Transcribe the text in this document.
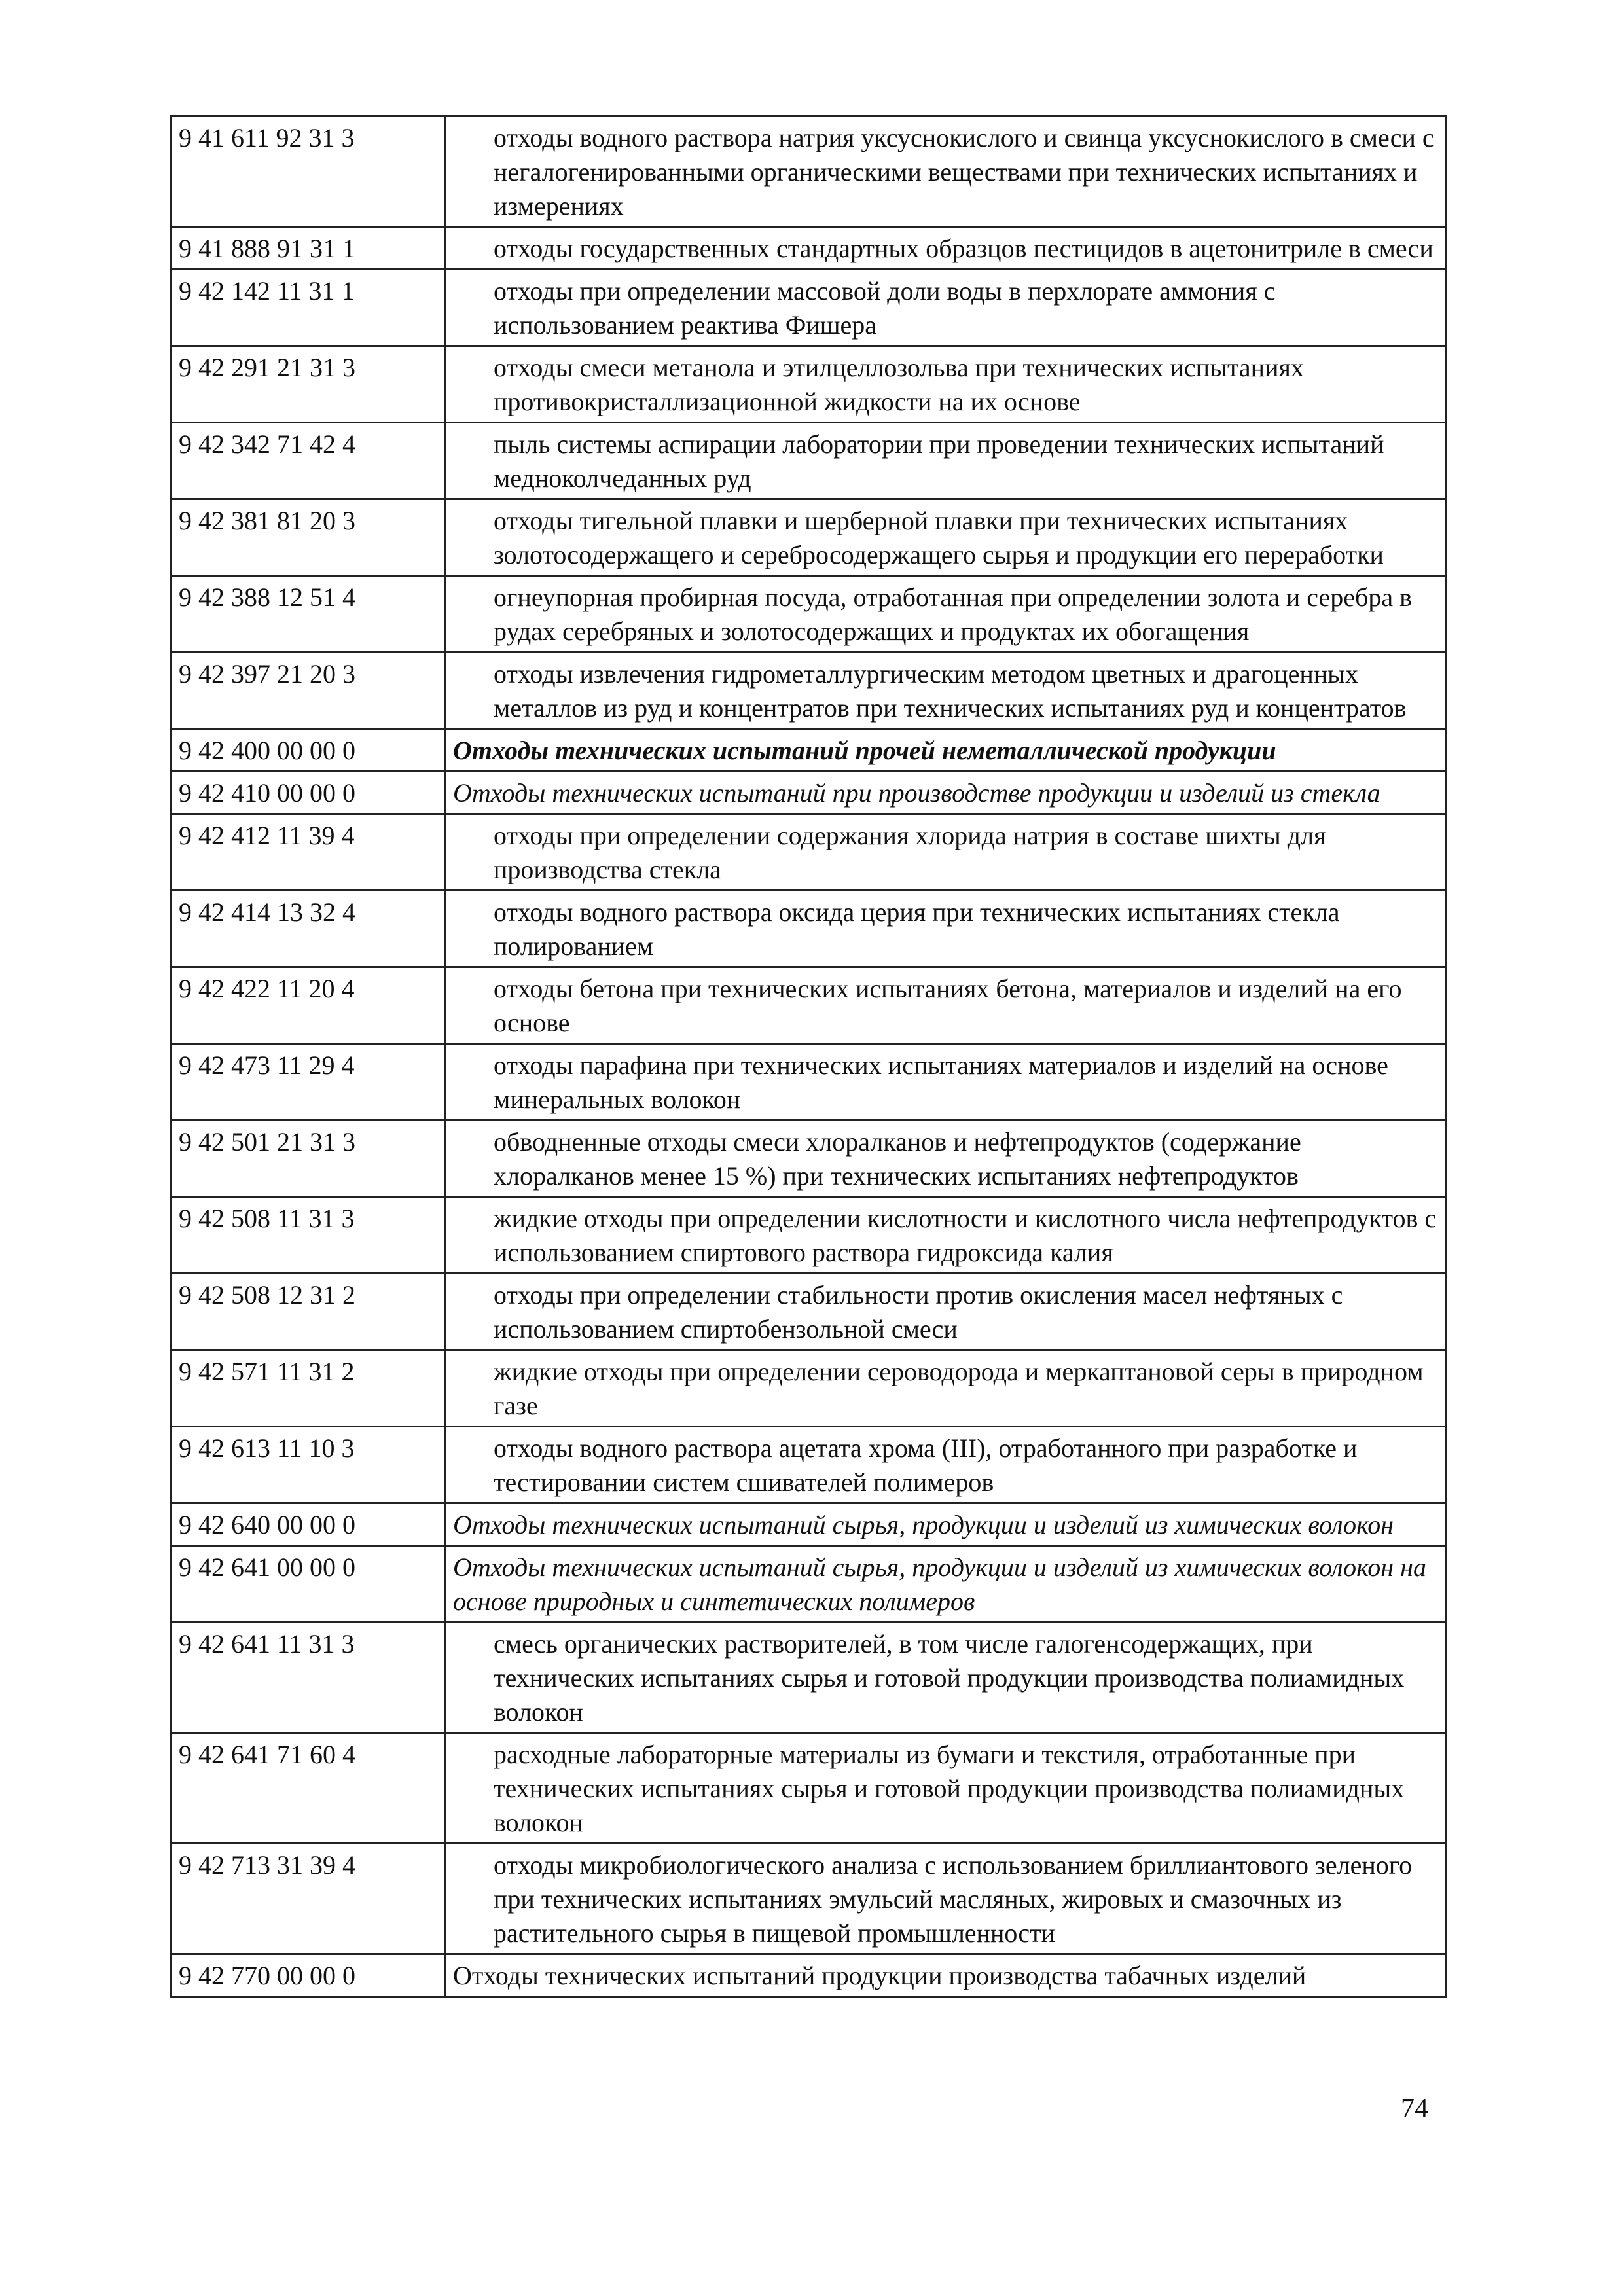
9 41 611 92 31 3	отходы водного раствора натрия уксуснокислого и свинца уксуснокислого в смеси с негалогенированными органическими веществами при технических испытаниях и измерениях
9 41 888 91 31 1	отходы государственных стандартных образцов пестицидов в ацетонитриле в смеси
9 42 142 11 31 1	отходы при определении массовой доли воды в перхлорате аммония с использованием реактива Фишера
9 42 291 21 31 3	отходы смеси метанола и этилцеллозольва при технических испытаниях противокристаллизационной жидкости на их основе
9 42 342 71 42 4	пыль системы аспирации лаборатории при проведении технических испытаний медноколчеданных руд
9 42 381 81 20 3	отходы тигельной плавки и шерберной плавки при технических испытаниях золотосодержащего и серебросодержащего сырья и продукции его переработки
9 42 388 12 51 4	огнеупорная пробирная посуда, отработанная при определении золота и серебра в рудах серебряных и золотосодержащих и продуктах их обогащения
9 42 397 21 20 3	отходы извлечения гидрометаллургическим методом цветных и драгоценных металлов из руд и концентратов при технических испытаниях руд и концентратов
9 42 400 00 00 0	Отходы технических испытаний прочей неметаллической продукции
9 42 410 00 00 0	Отходы технических испытаний при производстве продукции и изделий из стекла
9 42 412 11 39 4	отходы при определении содержания хлорида натрия в составе шихты для производства стекла
9 42 414 13 32 4	отходы водного раствора оксида церия при технических испытаниях стекла полированием
9 42 422 11 20 4	отходы бетона при технических испытаниях бетона, материалов и изделий на его основе
9 42 473 11 29 4	отходы парафина при технических испытаниях материалов и изделий на основе минеральных волокон
9 42 501 21 31 3	обводненные отходы смеси хлоралканов и нефтепродуктов (содержание хлоралканов менее 15 %) при технических испытаниях нефтепродуктов
9 42 508 11 31 3	жидкие отходы при определении кислотности и кислотного числа нефтепродуктов с использованием спиртового раствора гидроксида калия
9 42 508 12 31 2	отходы при определении стабильности против окисления масел нефтяных с использованием спиртобензольной смеси
9 42 571 11 31 2	жидкие отходы при определении сероводорода и меркаптановой серы в природном газе
9 42 613 11 10 3	отходы водного раствора ацетата хрома (III), отработанного при разработке и тестировании систем сшивателей полимеров
9 42 640 00 00 0	Отходы технических испытаний сырья, продукции и изделий из химических волокон
9 42 641 00 00 0	Отходы технических испытаний сырья, продукции и изделий из химических волокон на основе природных и синтетических полимеров
9 42 641 11 31 3	смесь органических растворителей, в том числе галогенсодержащих, при технических испытаниях сырья и готовой продукции производства полиамидных волокон
9 42 641 71 60 4	расходные лабораторные материалы из бумаги и текстиля, отработанные при технических испытаниях сырья и готовой продукции производства полиамидных волокон
9 42 713 31 39 4	отходы микробиологического анализа с использованием бриллиантового зеленого при технических испытаниях эмульсий масляных, жировых и смазочных из растительного сырья в пищевой промышленности
9 42 770 00 00 0	Отходы технических испытаний продукции производства табачных изделий
74
